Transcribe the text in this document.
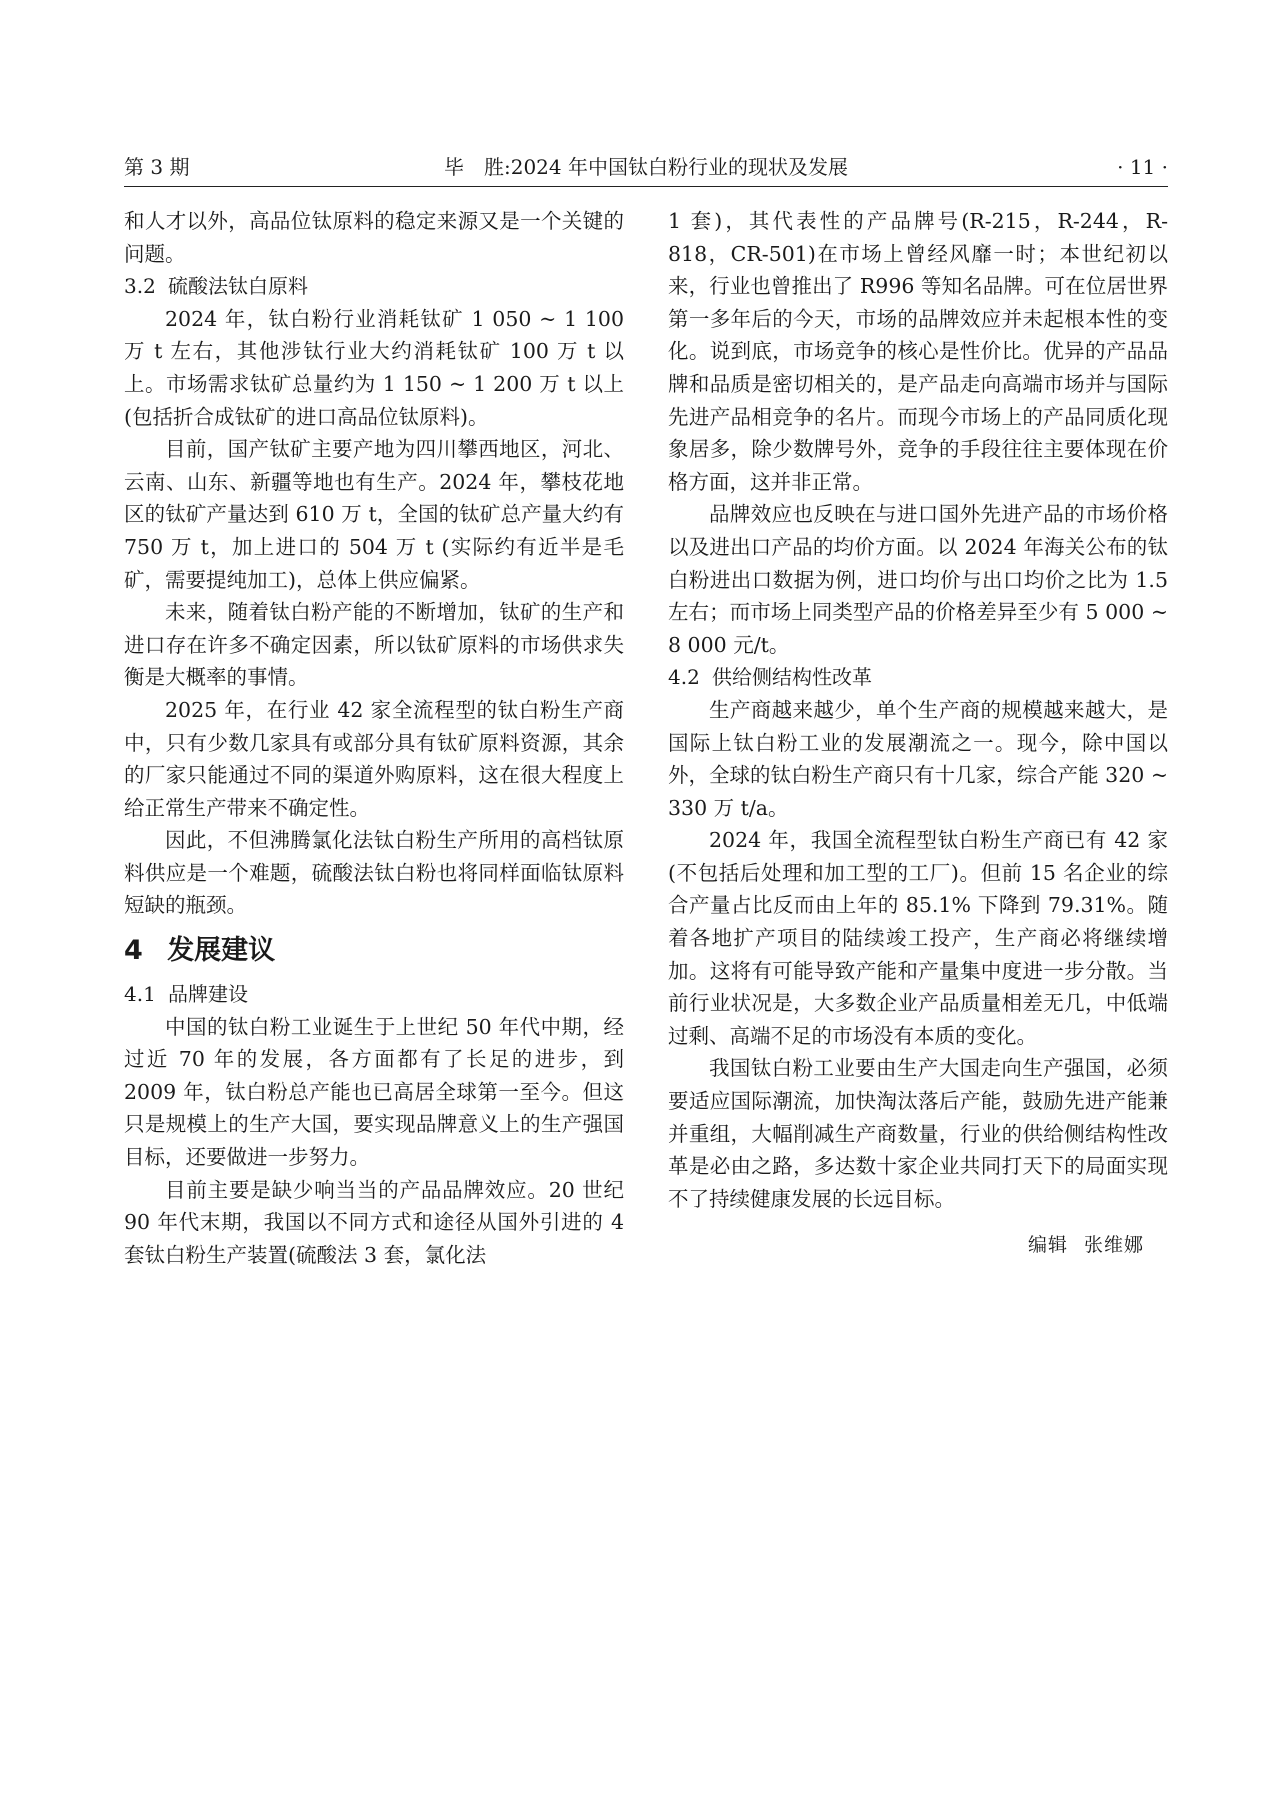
第 3 期	毕　胜:2024 年中国钛白粉行业的现状及发展	· 11 ·

和人才以外，高品位钛原料的稳定来源又是一个关键的问题。

3.2 硫酸法钛白原料

2024 年，钛白粉行业消耗钛矿 1 050 ~ 1 100 万 t 左右，其他涉钛行业大约消耗钛矿 100 万 t 以上。市场需求钛矿总量约为 1 150 ~ 1 200 万 t 以上(包括折合成钛矿的进口高品位钛原料)。

目前，国产钛矿主要产地为四川攀西地区，河北、云南、山东、新疆等地也有生产。2024 年，攀枝花地区的钛矿产量达到 610 万 t，全国的钛矿总产量大约有 750 万 t，加上进口的 504 万 t (实际约有近半是毛矿，需要提纯加工)，总体上供应偏紧。

未来，随着钛白粉产能的不断增加，钛矿的生产和进口存在许多不确定因素，所以钛矿原料的市场供求失衡是大概率的事情。

2025 年，在行业 42 家全流程型的钛白粉生产商中，只有少数几家具有或部分具有钛矿原料资源，其余的厂家只能通过不同的渠道外购原料，这在很大程度上给正常生产带来不确定性。

因此，不但沸腾氯化法钛白粉生产所用的高档钛原料供应是一个难题，硫酸法钛白粉也将同样面临钛原料短缺的瓶颈。

4 发展建议

4.1 品牌建设

中国的钛白粉工业诞生于上世纪 50 年代中期，经过近 70 年的发展，各方面都有了长足的进步，到 2009 年，钛白粉总产能也已高居全球第一至今。但这只是规模上的生产大国，要实现品牌意义上的生产强国目标，还要做进一步努力。

目前主要是缺少响当当的产品品牌效应。20 世纪 90 年代末期，我国以不同方式和途径从国外引进的 4 套钛白粉生产装置(硫酸法 3 套，氯化法

1 套)，其代表性的产品牌号(R-215，R-244，R-818，CR-501)在市场上曾经风靡一时；本世纪初以来，行业也曾推出了 R996 等知名品牌。可在位居世界第一多年后的今天，市场的品牌效应并未起根本性的变化。说到底，市场竞争的核心是性价比。优异的产品品牌和品质是密切相关的，是产品走向高端市场并与国际先进产品相竞争的名片。而现今市场上的产品同质化现象居多，除少数牌号外，竞争的手段往往主要体现在价格方面，这并非正常。

品牌效应也反映在与进口国外先进产品的市场价格以及进出口产品的均价方面。以 2024 年海关公布的钛白粉进出口数据为例，进口均价与出口均价之比为 1.5 左右；而市场上同类型产品的价格差异至少有 5 000 ~ 8 000 元/t。

4.2 供给侧结构性改革

生产商越来越少，单个生产商的规模越来越大，是国际上钛白粉工业的发展潮流之一。现今，除中国以外，全球的钛白粉生产商只有十几家，综合产能 320 ~ 330 万 t/a。

2024 年，我国全流程型钛白粉生产商已有 42 家(不包括后处理和加工型的工厂)。但前 15 名企业的综合产量占比反而由上年的 85.1% 下降到 79.31%。随着各地扩产项目的陆续竣工投产，生产商必将继续增加。这将有可能导致产能和产量集中度进一步分散。当前行业状况是，大多数企业产品质量相差无几，中低端过剩、高端不足的市场没有本质的变化。

我国钛白粉工业要由生产大国走向生产强国，必须要适应国际潮流，加快淘汰落后产能，鼓励先进产能兼并重组，大幅削减生产商数量，行业的供给侧结构性改革是必由之路，多达数十家企业共同打天下的局面实现不了持续健康发展的长远目标。

编辑 张维娜
